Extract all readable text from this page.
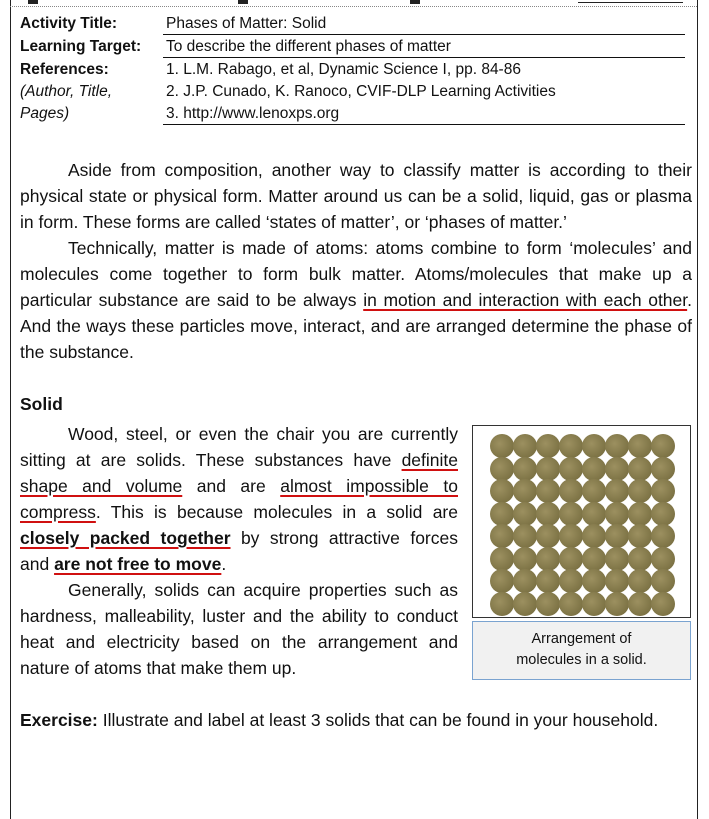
Activity Title:	Phases of Matter: Solid
Learning Target: To describe the different phases of matter
References:
(Author, Title,
Pages)
1. L.M. Rabago, et al, Dynamic Science I, pp. 84-86
2. J.P. Cunado, K. Ranoco, CVIF-DLP Learning Activities
3. http://www.lenoxps.org

Aside from composition, another way to classify matter is according to their physical state or physical form. Matter around us can be a solid, liquid, gas or plasma in form. These forms are called ‘states of matter’, or ‘phases of matter.’

Technically, matter is made of atoms: atoms combine to form ‘molecules’ and molecules come together to form bulk matter. Atoms/molecules that make up a particular substance are said to be always in motion and interaction with each other. And the ways these particles move, interact, and are arranged determine the phase of the substance.

Solid

Wood, steel, or even the chair you are currently sitting at are solids. These substances have definite shape and volume and are almost impossible to compress. This is because molecules in a solid are closely packed together by strong attractive forces and are not free to move.

Generally, solids can acquire properties such as hardness, malleability, luster and the ability to conduct heat and electricity based on the arrangement and nature of atoms that make them up.

Arrangement of
molecules in a solid.

Exercise: Illustrate and label at least 3 solids that can be found in your household.
